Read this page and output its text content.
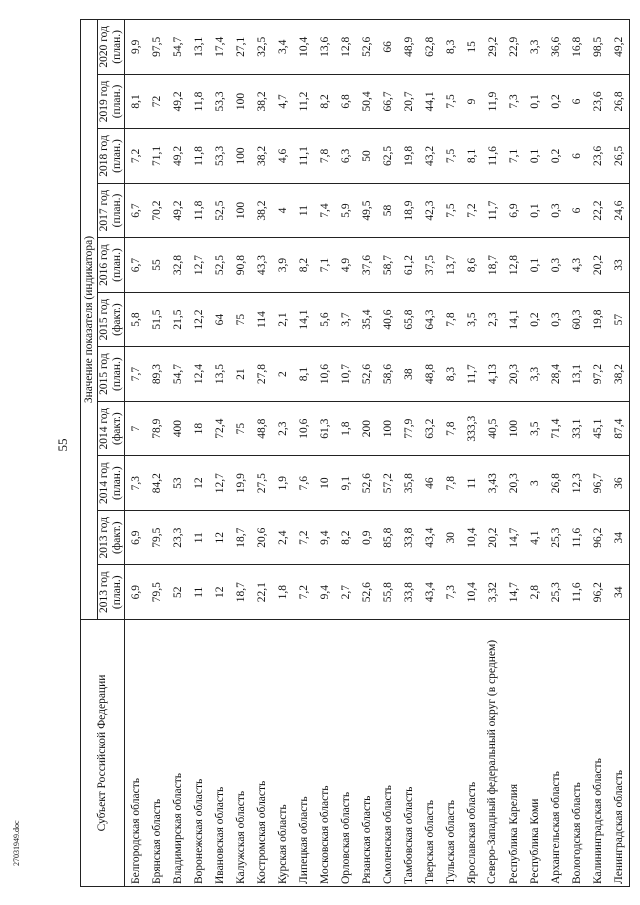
55
27031949.doc
Субъект Российской Федерации	Значение показателя (индикатора)										
	2013 год (план.)	2013 год (факт.)	2014 год (план.)	2014 год (факт.)	2015 год (план.)	2015 год (факт.)	2016 год (план.)	2017 год (план.)	2018 год (план.)	2019 год (план.)	2020 год (план.)
Белгородская область	6,9	6,9	7,3	7	7,7	5,8	6,7	6,7	7,2	8,1	9,9
Брянская область	79,5	79,5	84,2	78,9	89,3	51,5	55	70,2	71,1	72	97,5
Владимирская область	52	23,3	53	400	54,7	21,5	32,8	49,2	49,2	49,2	54,7
Воронежская область	11	11	12	18	12,4	12,2	12,7	11,8	11,8	11,8	13,1
Ивановская область	12	12	12,7	72,4	13,5	64	52,5	52,5	53,3	53,3	17,4
Калужская область	18,7	18,7	19,9	75	21	75	90,8	100	100	100	27,1
Костромская область	22,1	20,6	27,5	48,8	27,8	114	43,3	38,2	38,2	38,2	32,5
Курская область	1,8	2,4	1,9	2,3	2	2,1	3,9	4	4,6	4,7	3,4
Липецкая область	7,2	7,2	7,6	10,6	8,1	14,1	8,2	11	11,1	11,2	10,4
Московская область	9,4	9,4	10	61,3	10,6	5,6	7,1	7,4	7,8	8,2	13,6
Орловская область	2,7	8,2	9,1	1,8	10,7	3,7	4,9	5,9	6,3	6,8	12,8
Рязанская область	52,6	0,9	52,6	200	52,6	35,4	37,6	49,5	50	50,4	52,6
Смоленская область	55,8	85,8	57,2	100	58,6	40,6	58,7	58	62,5	66,7	66
Тамбовская область	33,8	33,8	35,8	77,9	38	65,8	61,2	18,9	19,8	20,7	48,9
Тверская область	43,4	43,4	46	63,2	48,8	64,3	37,5	42,3	43,2	44,1	62,8
Тульская область	7,3	30	7,8	7,8	8,3	7,8	13,7	7,5	7,5	7,5	8,3
Ярославская область	10,4	10,4	11	333,3	11,7	3,5	8,6	7,2	8,1	9	15
Северо-Западный федеральный округ (в среднем)	3,32	20,2	3,43	40,5	4,13	2,3	18,7	11,7	11,6	11,9	29,2
Республика Карелия	14,7	14,7	20,3	100	20,3	14,1	12,8	6,9	7,1	7,3	22,9
Республика Коми	2,8	4,1	3	3,5	3,3	0,2	0,1	0,1	0,1	0,1	3,3
Архангельская область	25,3	25,3	26,8	71,4	28,4	0,3	0,3	0,3	0,2	0,2	36,6
Вологодская область	11,6	11,6	12,3	33,1	13,1	60,3	4,3	6	6	6	16,8
Калининградская область	96,2	96,2	96,7	45,1	97,2	19,8	20,2	22,2	23,6	23,6	98,5
Ленинградская область	34	34	36	87,4	38,2	57	33	24,6	26,5	26,8	49,2
